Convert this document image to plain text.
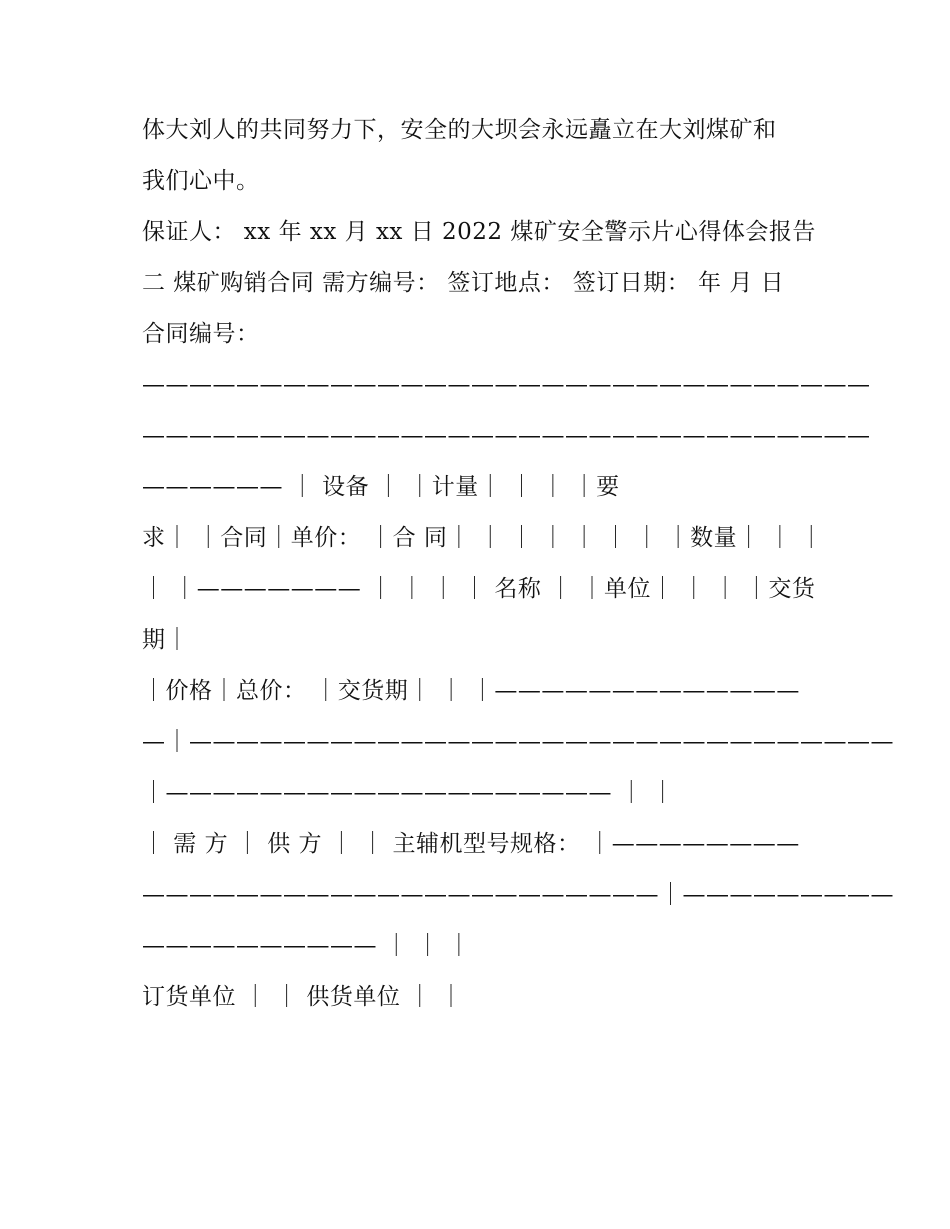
体大刘人的共同努力下，安全的大坝会永远矗立在大刘煤矿和
我们心中。
保证人： xx 年 xx 月 xx 日 2022 煤矿安全警示片心得体会报告
二 煤矿购销合同 需方编号： 签订地点： 签订日期： 年 月 日
合同编号：
———————————————————————————————
———————————————————————————————
—————— ｜ 设备 ｜ ｜计量｜ ｜ ｜ ｜要
求｜ ｜合同｜单价： ｜合 同｜ ｜ ｜ ｜ ｜ ｜ ｜ ｜数量｜ ｜ ｜
｜ ｜——————— ｜ ｜ ｜ ｜ 名称 ｜ ｜单位｜ ｜ ｜ ｜交货
期｜
｜价格｜总价： ｜交货期｜ ｜ ｜—————————————
—｜——————————————————————————————
｜——————————————————— ｜ ｜
｜ 需 方 ｜ 供 方 ｜ ｜ 主辅机型号规格： ｜————————
——————————————————————｜—————————
—————————— ｜ ｜ ｜
订货单位 ｜ ｜ 供货单位 ｜ ｜
